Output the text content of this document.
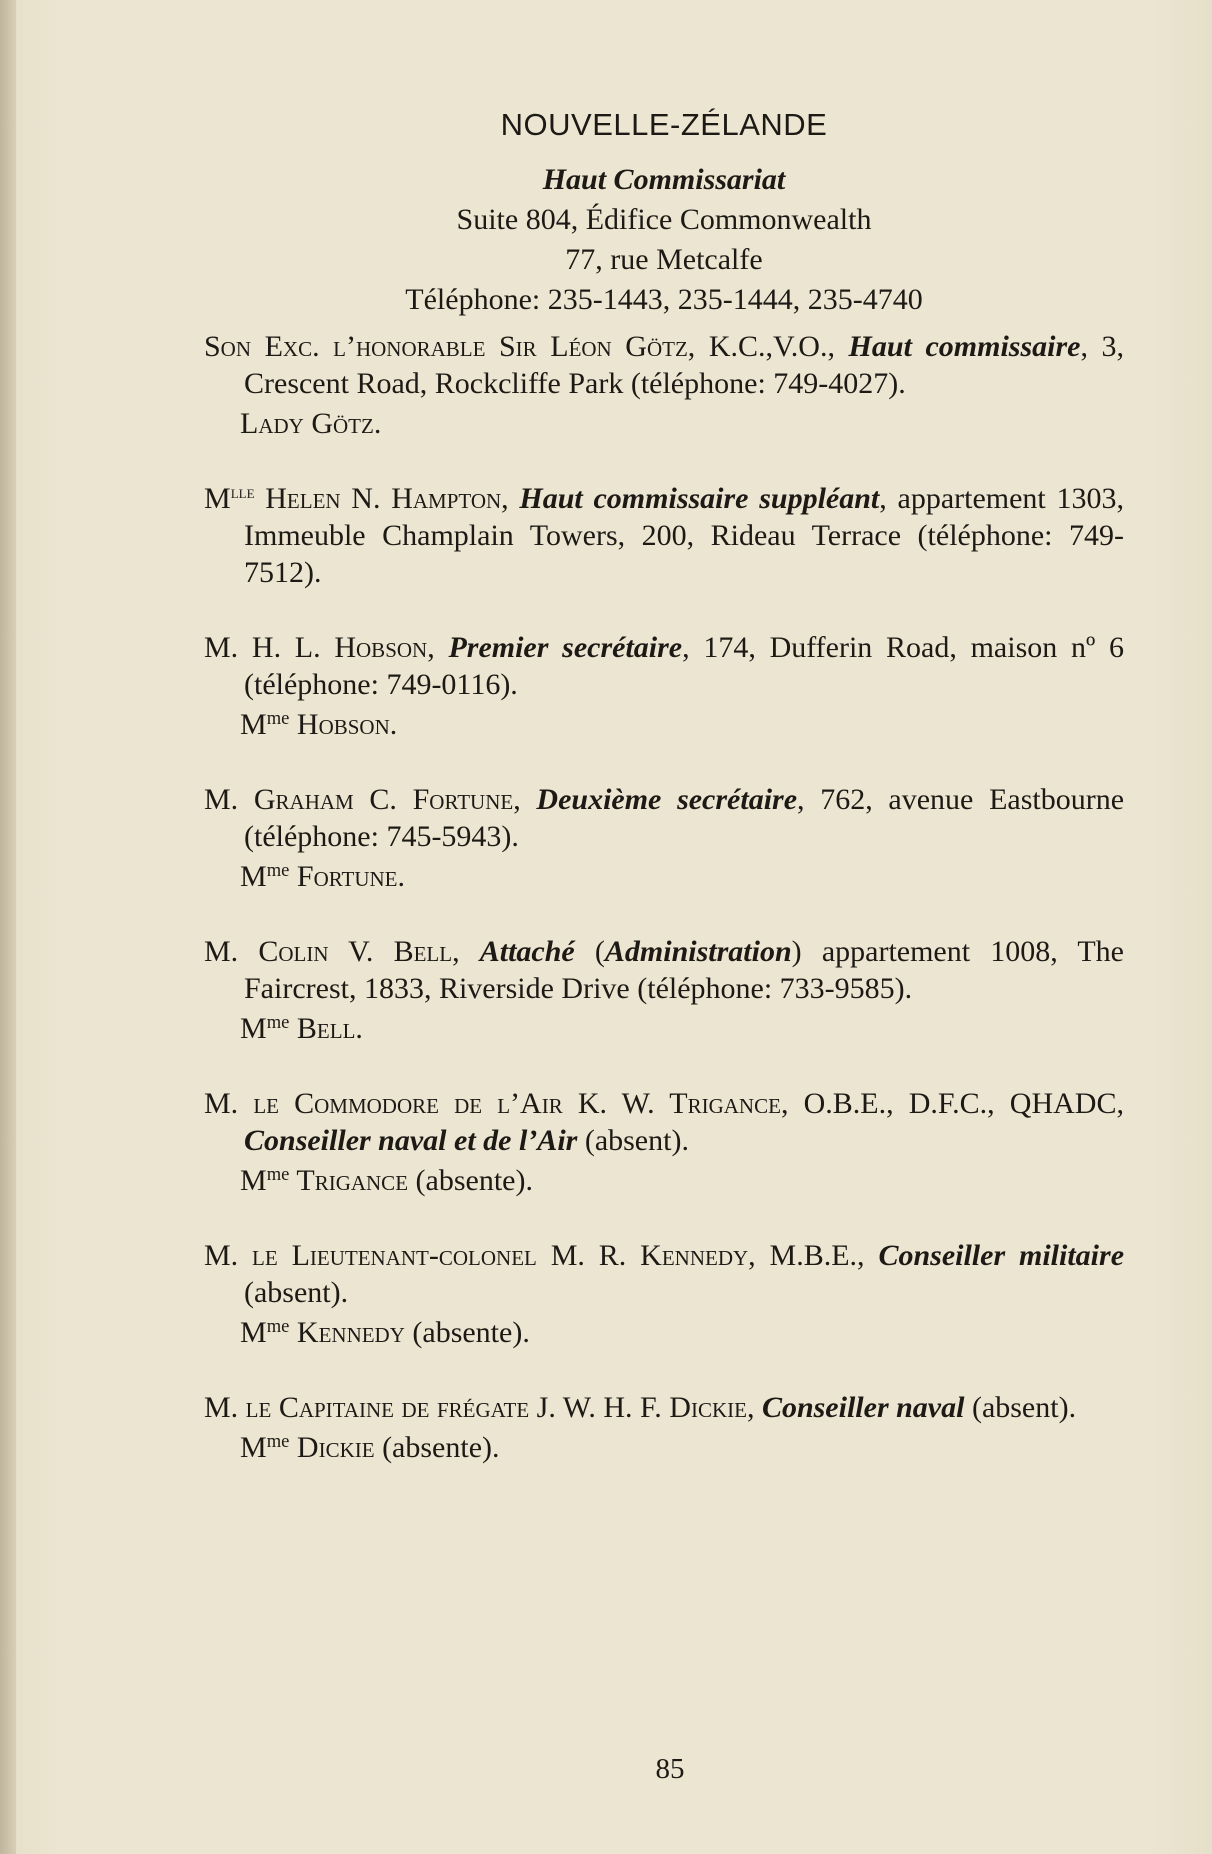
NOUVELLE-ZÉLANDE
Haut Commissariat
Suite 804, Édifice Commonwealth
77, rue Metcalfe
Téléphone: 235-1443, 235-1444, 235-4740
Son Exc. l’honorable Sir Léon Götz, K.C.,V.O., Haut commissaire, 3, Crescent Road, Rockcliffe Park (téléphone: 749-4027).
Lady Götz.
$M^{lle}$ Helen N. Hampton, Haut commissaire suppléant, appartement 1303, Immeuble Champlain Towers, 200, Rideau Terrace (téléphone: 749-7512).
M. H. L. Hobson, Premier secrétaire, 174, Dufferin Road, maison nº 6 (téléphone: 749-0116).
$M^{me}$ Hobson.
M. Graham C. Fortune, Deuxième secrétaire, 762, avenue Eastbourne (téléphone: 745-5943).
$M^{me}$ Fortune.
M. Colin V. Bell, Attaché (Administration) appartement 1008, The Faircrest, 1833, Riverside Drive (téléphone: 733-9585).
$M^{me}$ Bell.
M. le Commodore de l’Air K. W. Trigance, O.B.E., D.F.C., QHADC, Conseiller naval et de l’Air (absent).
$M^{me}$ Trigance (absente).
M. le Lieutenant-colonel M. R. Kennedy, M.B.E., Conseiller militaire (absent).
$M^{me}$ Kennedy (absente).
M. le Capitaine de frégate J. W. H. F. Dickie, Conseiller naval (absent).
$M^{me}$ Dickie (absente).
85
